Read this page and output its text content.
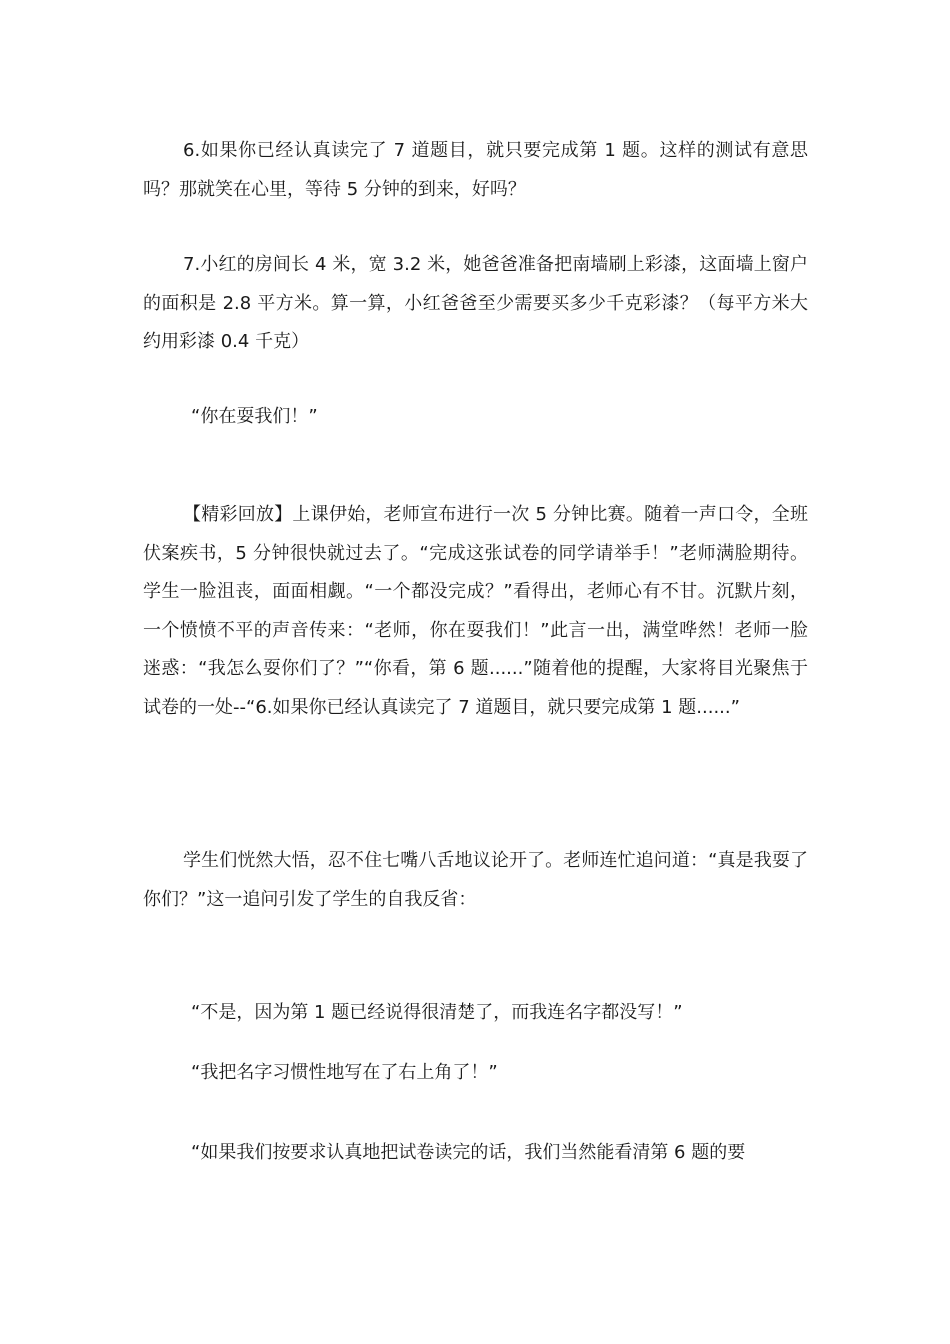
6.如果你已经认真读完了 7 道题目，就只要完成第 1 题。这样的测试有意思吗？那就笑在心里，等待 5 分钟的到来，好吗？

7.小红的房间长 4 米，宽 3.2 米，她爸爸准备把南墙刷上彩漆，这面墙上窗户的面积是 2.8 平方米。算一算，小红爸爸至少需要买多少千克彩漆？（每平方米大约用彩漆 0.4 千克）

“你在耍我们！”

【精彩回放】上课伊始，老师宣布进行一次 5 分钟比赛。随着一声口令，全班伏案疾书，5 分钟很快就过去了。“完成这张试卷的同学请举手！”老师满脸期待。学生一脸沮丧，面面相觑。“一个都没完成？”看得出，老师心有不甘。沉默片刻，一个愤愤不平的声音传来：“老师，你在耍我们！”此言一出，满堂哗然！老师一脸迷惑：“我怎么耍你们了？”“你看，第 6 题......”随着他的提醒，大家将目光聚焦于试卷的一处--“6.如果你已经认真读完了 7 道题目，就只要完成第 1 题......”

学生们恍然大悟，忍不住七嘴八舌地议论开了。老师连忙追问道：“真是我耍了你们？”这一追问引发了学生的自我反省：

“不是，因为第 1 题已经说得很清楚了，而我连名字都没写！”

“我把名字习惯性地写在了右上角了！”

“如果我们按要求认真地把试卷读完的话，我们当然能看清第 6 题的要
